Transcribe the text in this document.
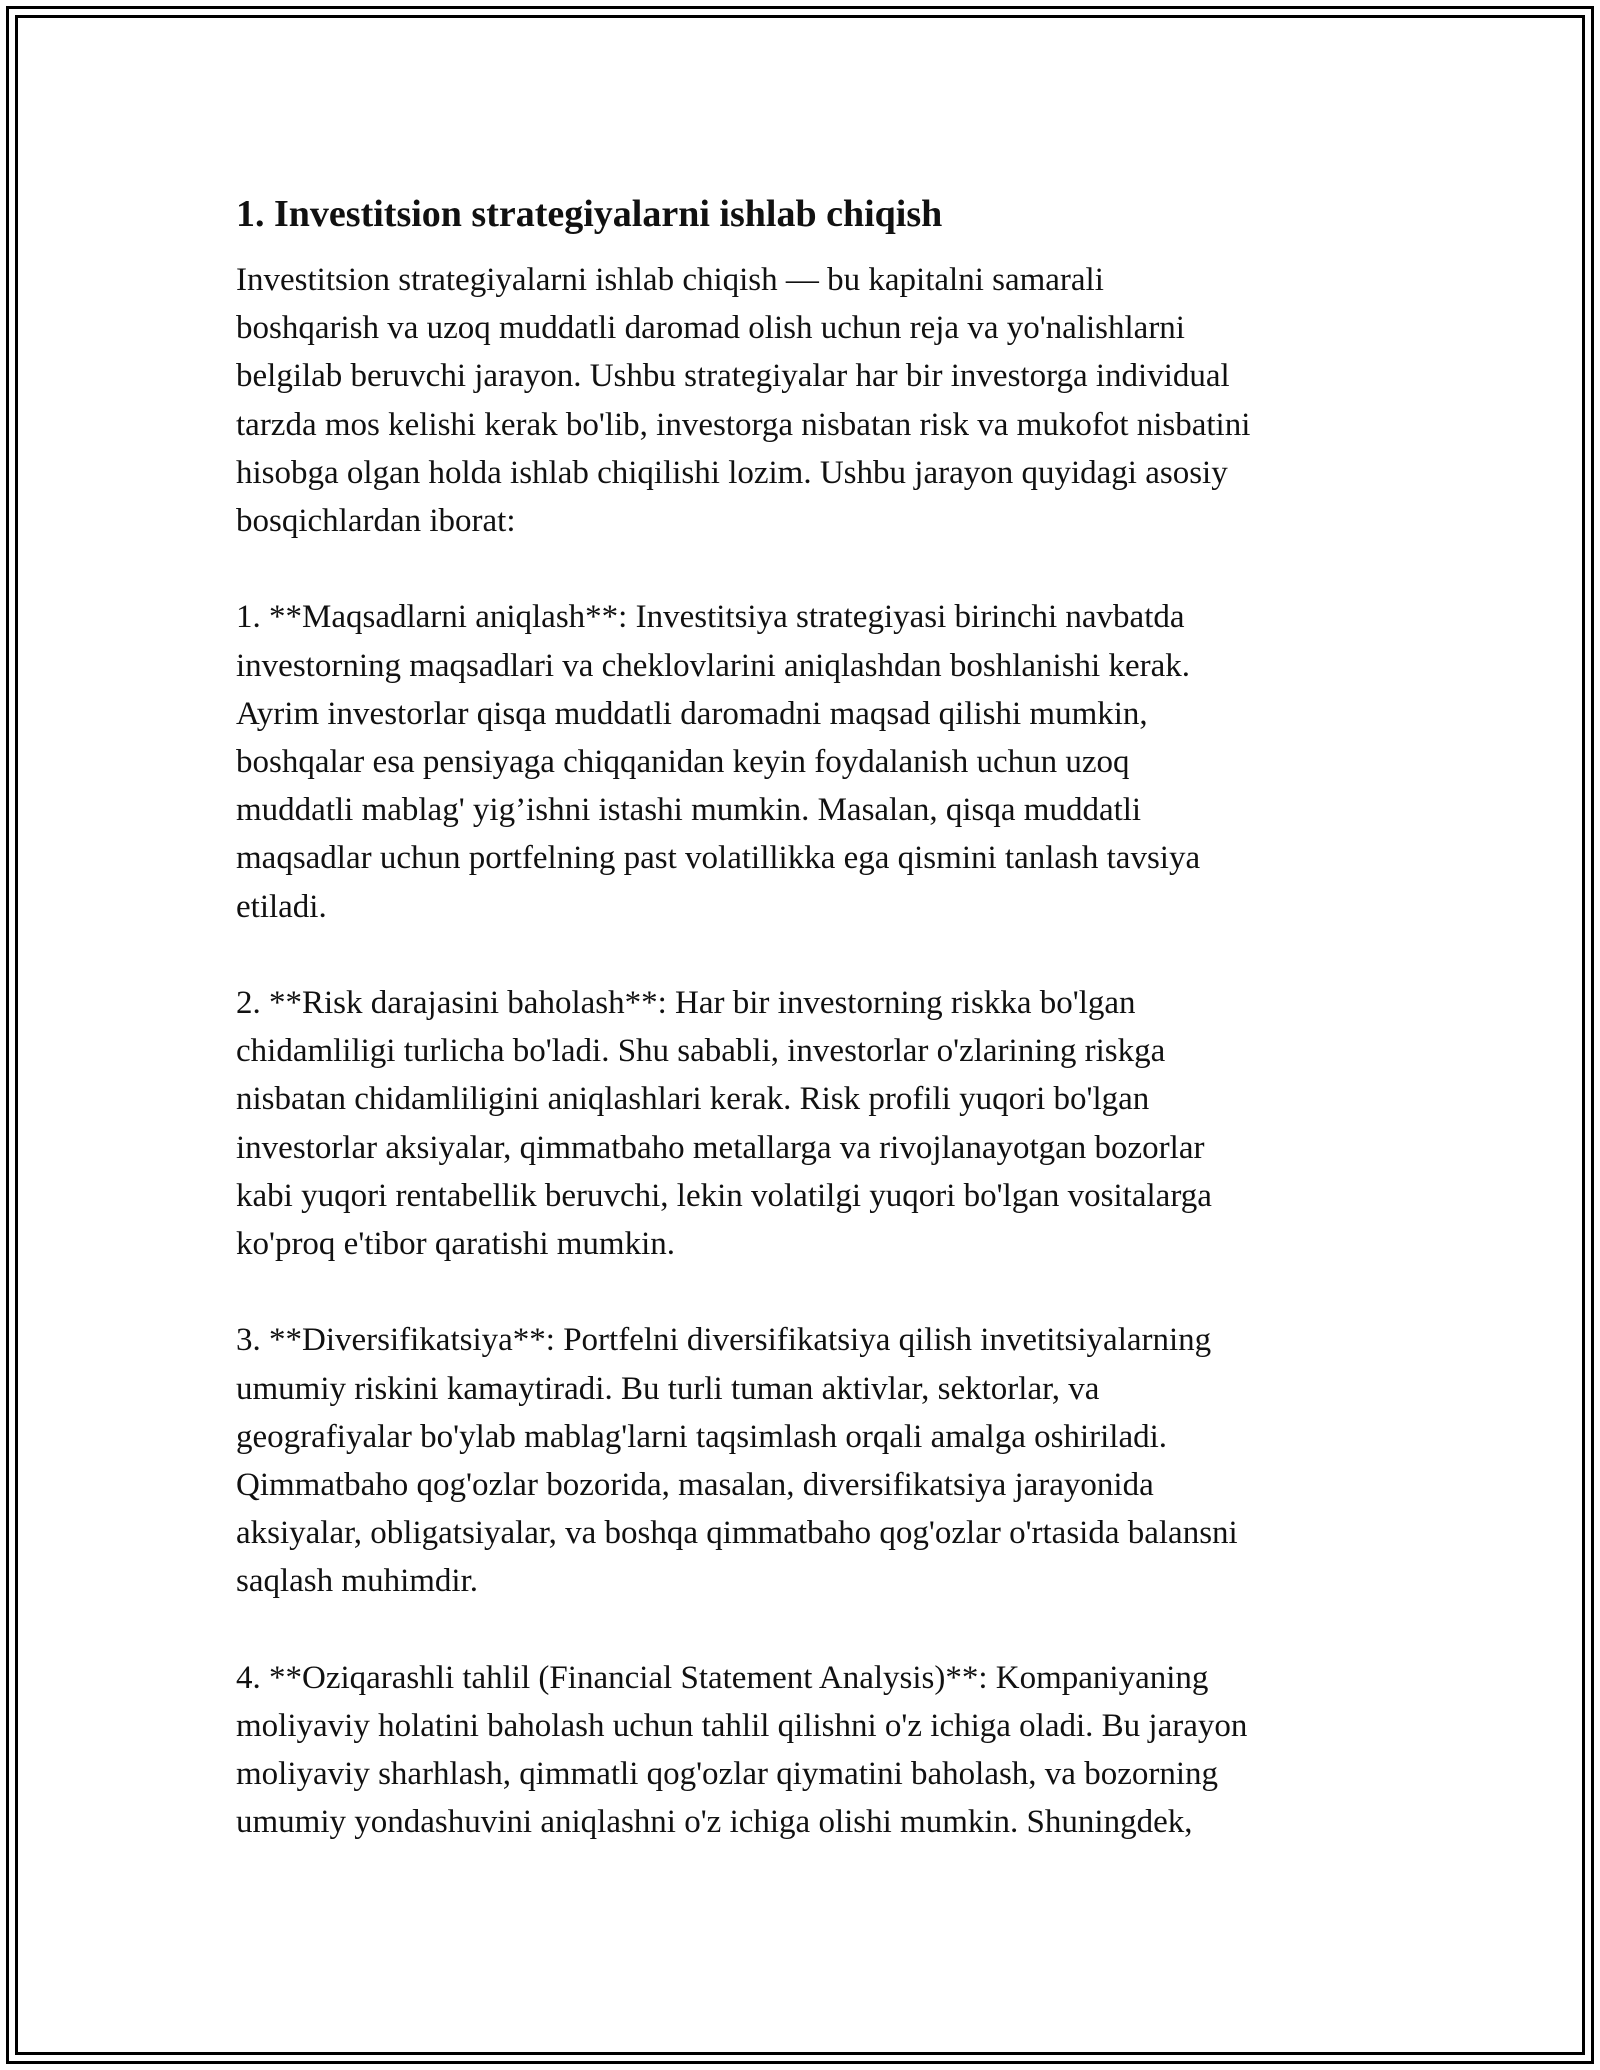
1. Investitsion strategiyalarni ishlab chiqish

Investitsion strategiyalarni ishlab chiqish — bu kapitalni samarali
boshqarish va uzoq muddatli daromad olish uchun reja va yo'nalishlarni
belgilab beruvchi jarayon. Ushbu strategiyalar har bir investorga individual
tarzda mos kelishi kerak bo'lib, investorga nisbatan risk va mukofot nisbatini
hisobga olgan holda ishlab chiqilishi lozim. Ushbu jarayon quyidagi asosiy
bosqichlardan iborat:

1. **Maqsadlarni aniqlash**: Investitsiya strategiyasi birinchi navbatda
investorning maqsadlari va cheklovlarini aniqlashdan boshlanishi kerak.
Ayrim investorlar qisqa muddatli daromadni maqsad qilishi mumkin,
boshqalar esa pensiyaga chiqqanidan keyin foydalanish uchun uzoq
muddatli mablag' yig’ishni istashi mumkin. Masalan, qisqa muddatli
maqsadlar uchun portfelning past volatillikka ega qismini tanlash tavsiya
etiladi.

2. **Risk darajasini baholash**: Har bir investorning riskka bo'lgan
chidamliligi turlicha bo'ladi. Shu sababli, investorlar o'zlarining riskga
nisbatan chidamliligini aniqlashlari kerak. Risk profili yuqori bo'lgan
investorlar aksiyalar, qimmatbaho metallarga va rivojlanayotgan bozorlar
kabi yuqori rentabellik beruvchi, lekin volatilgi yuqori bo'lgan vositalarga
ko'proq e'tibor qaratishi mumkin.

3. **Diversifikatsiya**: Portfelni diversifikatsiya qilish invetitsiyalarning
umumiy riskini kamaytiradi. Bu turli tuman aktivlar, sektorlar, va
geografiyalar bo'ylab mablag'larni taqsimlash orqali amalga oshiriladi.
Qimmatbaho qog'ozlar bozorida, masalan, diversifikatsiya jarayonida
aksiyalar, obligatsiyalar, va boshqa qimmatbaho qog'ozlar o'rtasida balansni
saqlash muhimdir.

4. **Oziqarashli tahlil (Financial Statement Analysis)**: Kompaniyaning
moliyaviy holatini baholash uchun tahlil qilishni o'z ichiga oladi. Bu jarayon
moliyaviy sharhlash, qimmatli qog'ozlar qiymatini baholash, va bozorning
umumiy yondashuvini aniqlashni o'z ichiga olishi mumkin. Shuningdek,
